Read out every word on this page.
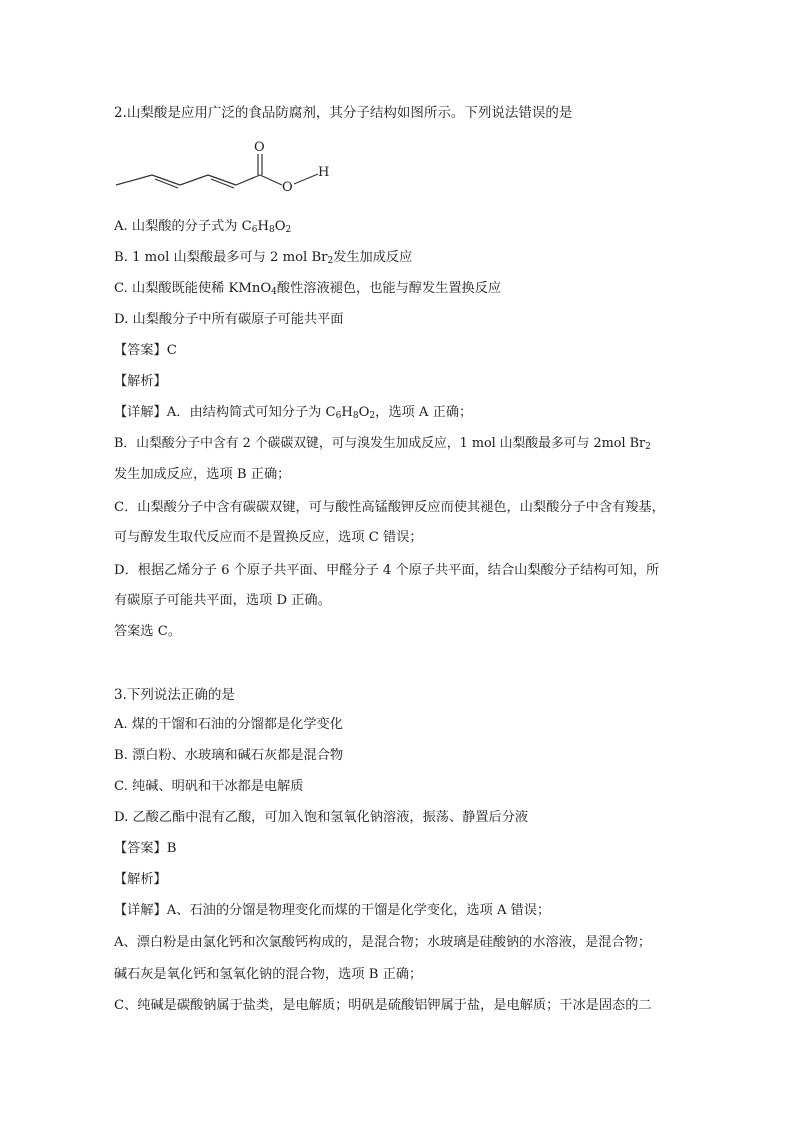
2.山梨酸是应用广泛的食品防腐剂，其分子结构如图所示。下列说法错误的是
O
O
H
A. 山梨酸的分子式为 $C_6H_8O_2$
B. 1 mol 山梨酸最多可与 2 mol $Br_2$发生加成反应
C. 山梨酸既能使稀 KMnO$_4$酸性溶液褪色，也能与醇发生置换反应
D. 山梨酸分子中所有碳原子可能共平面
【答案】C
【解析】
【详解】A．由结构简式可知分子为 $C_6H_8O_2$，选项 A 正确；
B．山梨酸分子中含有 2 个碳碳双键，可与溴发生加成反应，1 mol 山梨酸最多可与 2mol $Br_2$
发生加成反应，选项 B 正确；
C．山梨酸分子中含有碳碳双键，可与酸性高锰酸钾反应而使其褪色，山梨酸分子中含有羧基，
可与醇发生取代反应而不是置换反应，选项 C 错误；
D．根据乙烯分子 6 个原子共平面、甲醛分子 4 个原子共平面，结合山梨酸分子结构可知，所
有碳原子可能共平面，选项 D 正确。
答案选 C。
3.下列说法正确的是
A. 煤的干馏和石油的分馏都是化学变化
B. 漂白粉、水玻璃和碱石灰都是混合物
C. 纯碱、明矾和干冰都是电解质
D. 乙酸乙酯中混有乙酸，可加入饱和氢氧化钠溶液，振荡、静置后分液
【答案】B
【解析】
【详解】A、石油的分馏是物理变化而煤的干馏是化学变化，选项 A 错误；
A、漂白粉是由氯化钙和次氯酸钙构成的，是混合物；水玻璃是硅酸钠的水溶液，是混合物；
碱石灰是氧化钙和氢氧化钠的混合物，选项 B 正确；
C、纯碱是碳酸钠属于盐类，是电解质；明矾是硫酸铝钾属于盐，是电解质；干冰是固态的二
